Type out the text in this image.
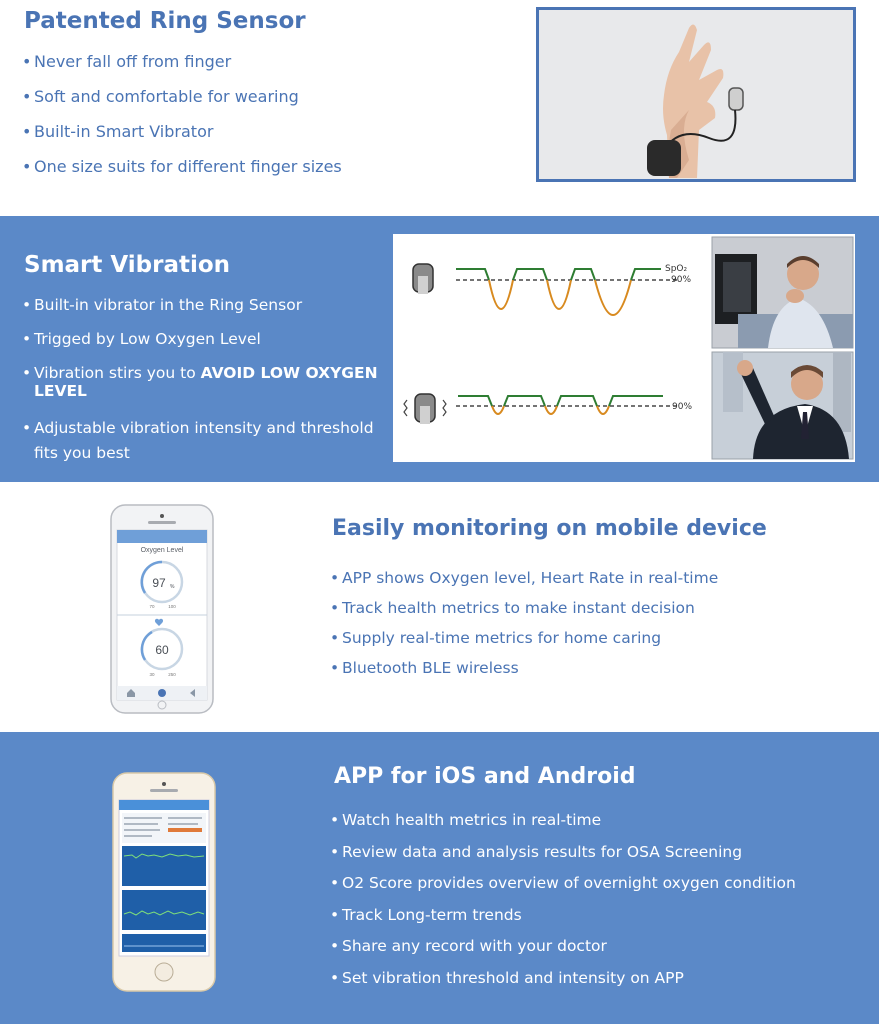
Patented Ring Sensor
• Never fall off from finger
• Soft and comfortable for wearing
• Built-in Smart Vibrator
• One size suits for different finger sizes
Smart Vibration
• Built-in vibrator in the Ring Sensor
• Trigged by Low Oxygen Level
• Vibration stirs you to AVOID LOW OXYGEN LEVEL
• Adjustable vibration intensity and threshold fits you best
SpO₂
90%
90%
Oxygen Level
97 %
70	100
60
30	250
Easily monitoring on mobile device
• APP shows Oxygen level, Heart Rate in real-time
• Track health metrics to make instant decision
• Supply real-time metrics for home caring
• Bluetooth BLE wireless
APP for iOS and Android
• Watch health metrics in real-time
• Review data and analysis results for OSA Screening
• O2 Score provides overview of overnight oxygen condition
• Track Long-term trends
• Share any record with your doctor
• Set vibration threshold and intensity on APP
